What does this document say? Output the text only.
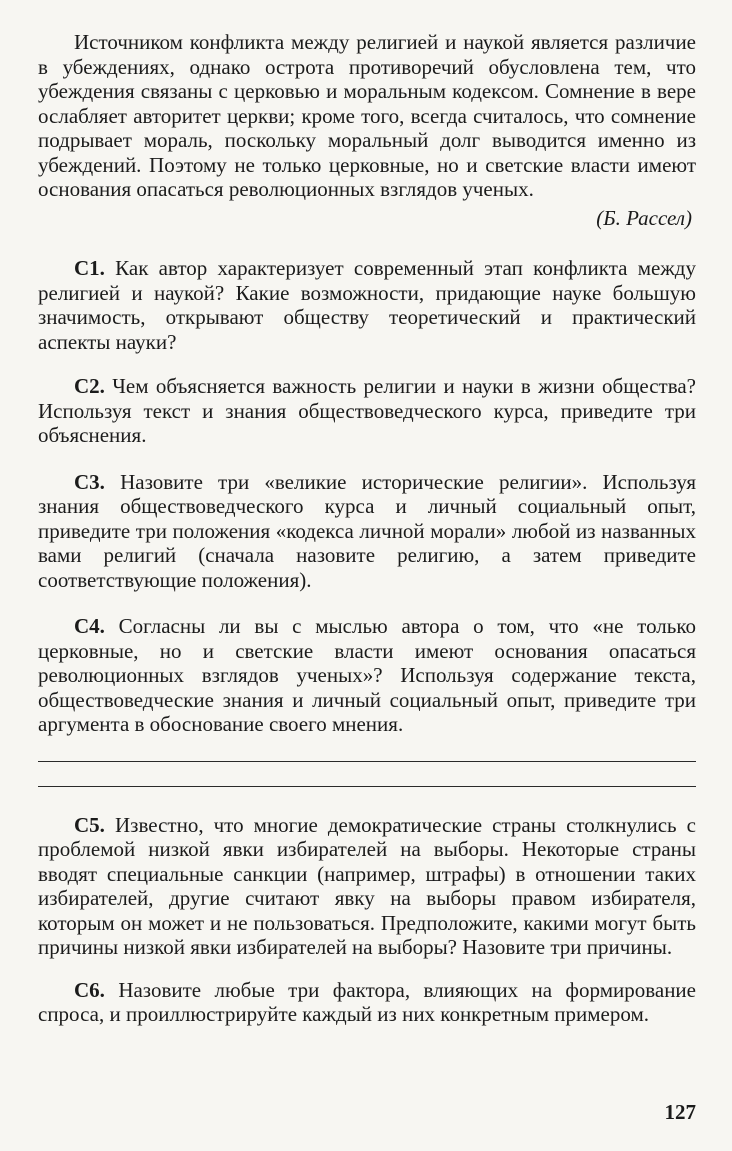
Источником конфликта между религией и наукой является различие в убеждениях, однако острота противоречий обусловлена тем, что убеждения связаны с церковью и моральным кодексом. Сомнение в вере ослабляет авторитет церкви; кроме того, всегда считалось, что сомнение подрывает мораль, поскольку моральный долг выводится именно из убеждений. Поэтому не только церковные, но и светские власти имеют основания опасаться революционных взглядов ученых.

(Б. Рассел)

С1. Как автор характеризует современный этап конфликта между религией и наукой? Какие возможности, придающие науке большую значимость, открывают обществу теоретический и практический аспекты науки?

С2. Чем объясняется важность религии и науки в жизни общества? Используя текст и знания обществоведческого курса, приведите три объяснения.

С3. Назовите три «великие исторические религии». Используя знания обществоведческого курса и личный социальный опыт, приведите три положения «кодекса личной морали» любой из названных вами религий (сначала назовите религию, а затем приведите соответствующие положения).

С4. Согласны ли вы с мыслью автора о том, что «не только церковные, но и светские власти имеют основания опасаться революционных взглядов ученых»? Используя содержание текста, обществоведческие знания и личный социальный опыт, приведите три аргумента в обоснование своего мнения.

С5. Известно, что многие демократические страны столкнулись с проблемой низкой явки избирателей на выборы. Некоторые страны вводят специальные санкции (например, штрафы) в отношении таких избирателей, другие считают явку на выборы правом избирателя, которым он может и не пользоваться. Предположите, какими могут быть причины низкой явки избирателей на выборы? Назовите три причины.

С6. Назовите любые три фактора, влияющих на формирование спроса, и проиллюстрируйте каждый из них конкретным примером.

127
